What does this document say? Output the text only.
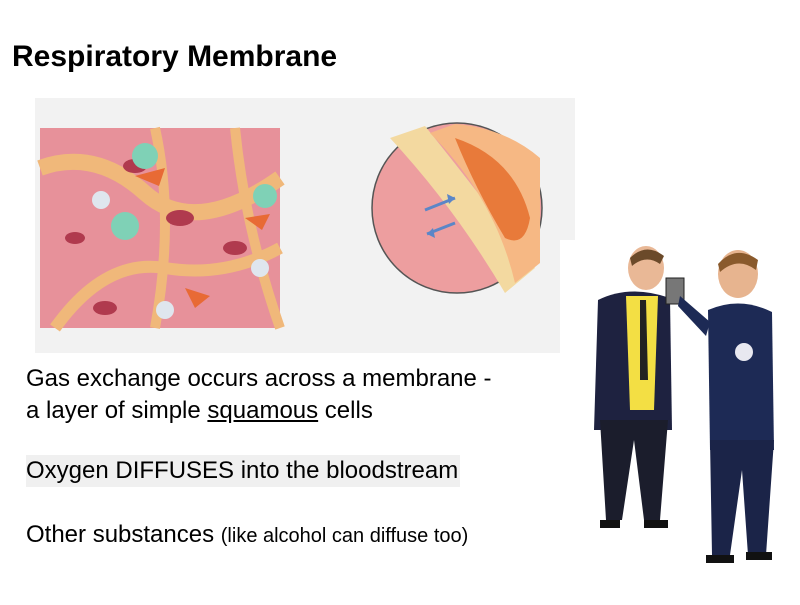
Respiratory Membrane
Gas exchange occurs across a membrane -
a layer of simple squamous cells
Oxygen DIFFUSES into the bloodstream
Other substances (like alcohol can diffuse too)
